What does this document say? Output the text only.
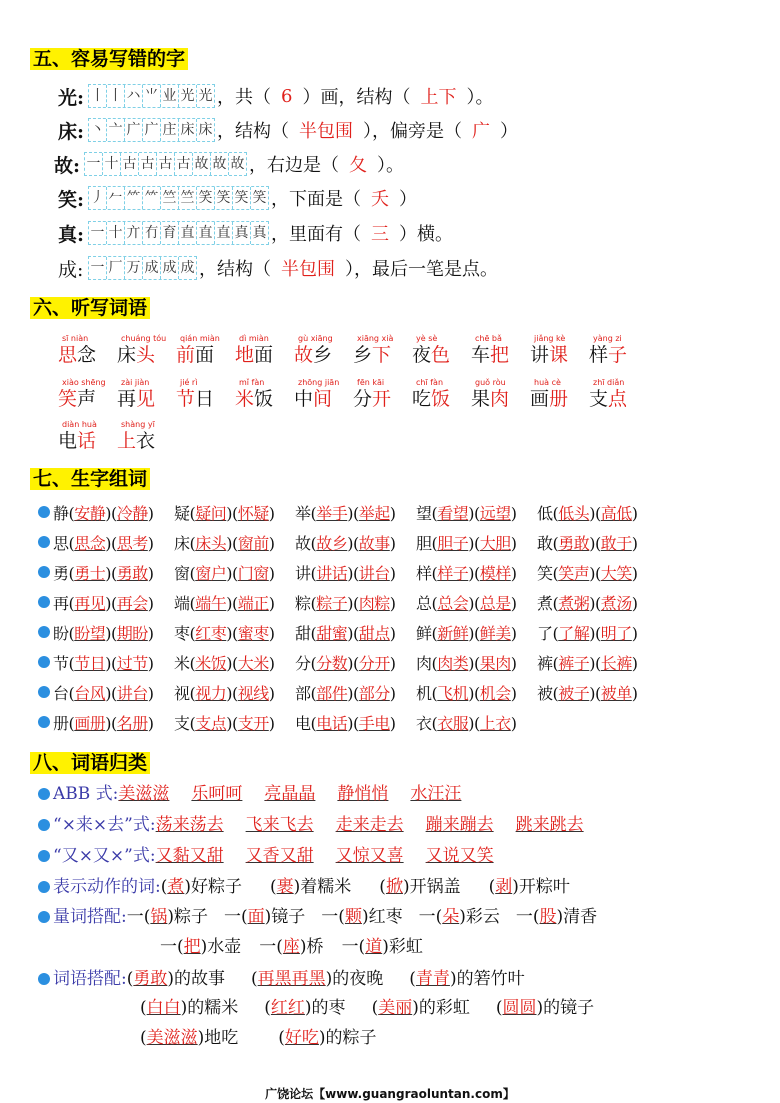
五、容易写错的字
光: 丨 丨 ハ ⺌ 业 光 光 ，共（ 6 ）画，结构（ 上下 ）。
床: 丶 亠 广 广 庄 床 床 ，结构（ 半包围 ），偏旁是（ 广 ）
故: 一 十 古 古 古 古 故 故 故 ，右边是（ 夂 ）。
笑: 丿 𠂉 ⺮ ⺮ 竺 竺 笑 笑 笑 笑 ，下面是（ 夭 ）
真: 一 十 亣 冇 育 直 直 直 真 真 ，里面有（ 三 ）横。
成: 一 厂 万 成 成 成 ，结构（ 半包围 ），最后一笔是点。
六、听写词语
sī niàn
思念
chuáng tóu
床头
qián miàn
前面
dì miàn
地面
gù xiāng
故乡
xiāng xià
乡下
yè sè
夜色
chē bǎ
车把
jiǎng kè
讲课
yàng zi
样子
xiào shēng
笑声
zài jiàn
再见
jié rì
节日
mǐ fàn
米饭
zhōng jiān
中间
fēn kāi
分开
chī fàn
吃饭
guǒ ròu
果肉
huà cè
画册
zhī diǎn
支点
diàn huà
电话
shàng yī
上衣
七、生字组词
静(安静)(冷静)	疑(疑问)(怀疑)	举(举手)(举起)	望(看望)(远望)	低(低头)(高低)
思(思念)(思考)	床(床头)(窗前)	故(故乡)(故事)	胆(胆子)(大胆)	敢(勇敢)(敢于)
勇(勇士)(勇敢)	窗(窗户)(门窗)	讲(讲话)(讲台)	样(样子)(模样)	笑(笑声)(大笑)
再(再见)(再会)	端(端午)(端正)	粽(粽子)(肉粽)	总(总会)(总是)	煮(煮粥)(煮汤)
盼(盼望)(期盼)	枣(红枣)(蜜枣)	甜(甜蜜)(甜点)	鲜(新鲜)(鲜美)	了(了解)(明了)
节(节日)(过节)	米(米饭)(大米)	分(分数)(分开)	肉(肉类)(果肉)	裤(裤子)(长裤)
台(台风)(讲台)	视(视力)(视线)	部(部件)(部分)	机(飞机)(机会)	被(被子)(被单)
册(画册)(名册)	支(支点)(支开)	电(电话)(手电)	衣(衣服)(上衣)
八、词语归类
ABB 式:美滋滋 乐呵呵 亮晶晶 静悄悄 水汪汪
“×来×去”式:荡来荡去 飞来飞去 走来走去 蹦来蹦去 跳来跳去
“又×又×”式:又黏又甜 又香又甜 又惊又喜 又说又笑
表示动作的词:(煮)好粽子 (裹)着糯米 (掀)开锅盖 (剥)开粽叶
量词搭配:一(锅)粽子 一(面)镜子 一(颗)红枣 一(朵)彩云 一(股)清香
一(把)水壶 一(座)桥 一(道)彩虹
词语搭配:(勇敢)的故事 (再黑再黑)的夜晚 (青青)的箬竹叶
(白白)的糯米 (红红)的枣 (美丽)的彩虹 (圆圆)的镜子
(美滋滋)地吃 (好吃)的粽子
广饶论坛【www.guangraoluntan.com】
